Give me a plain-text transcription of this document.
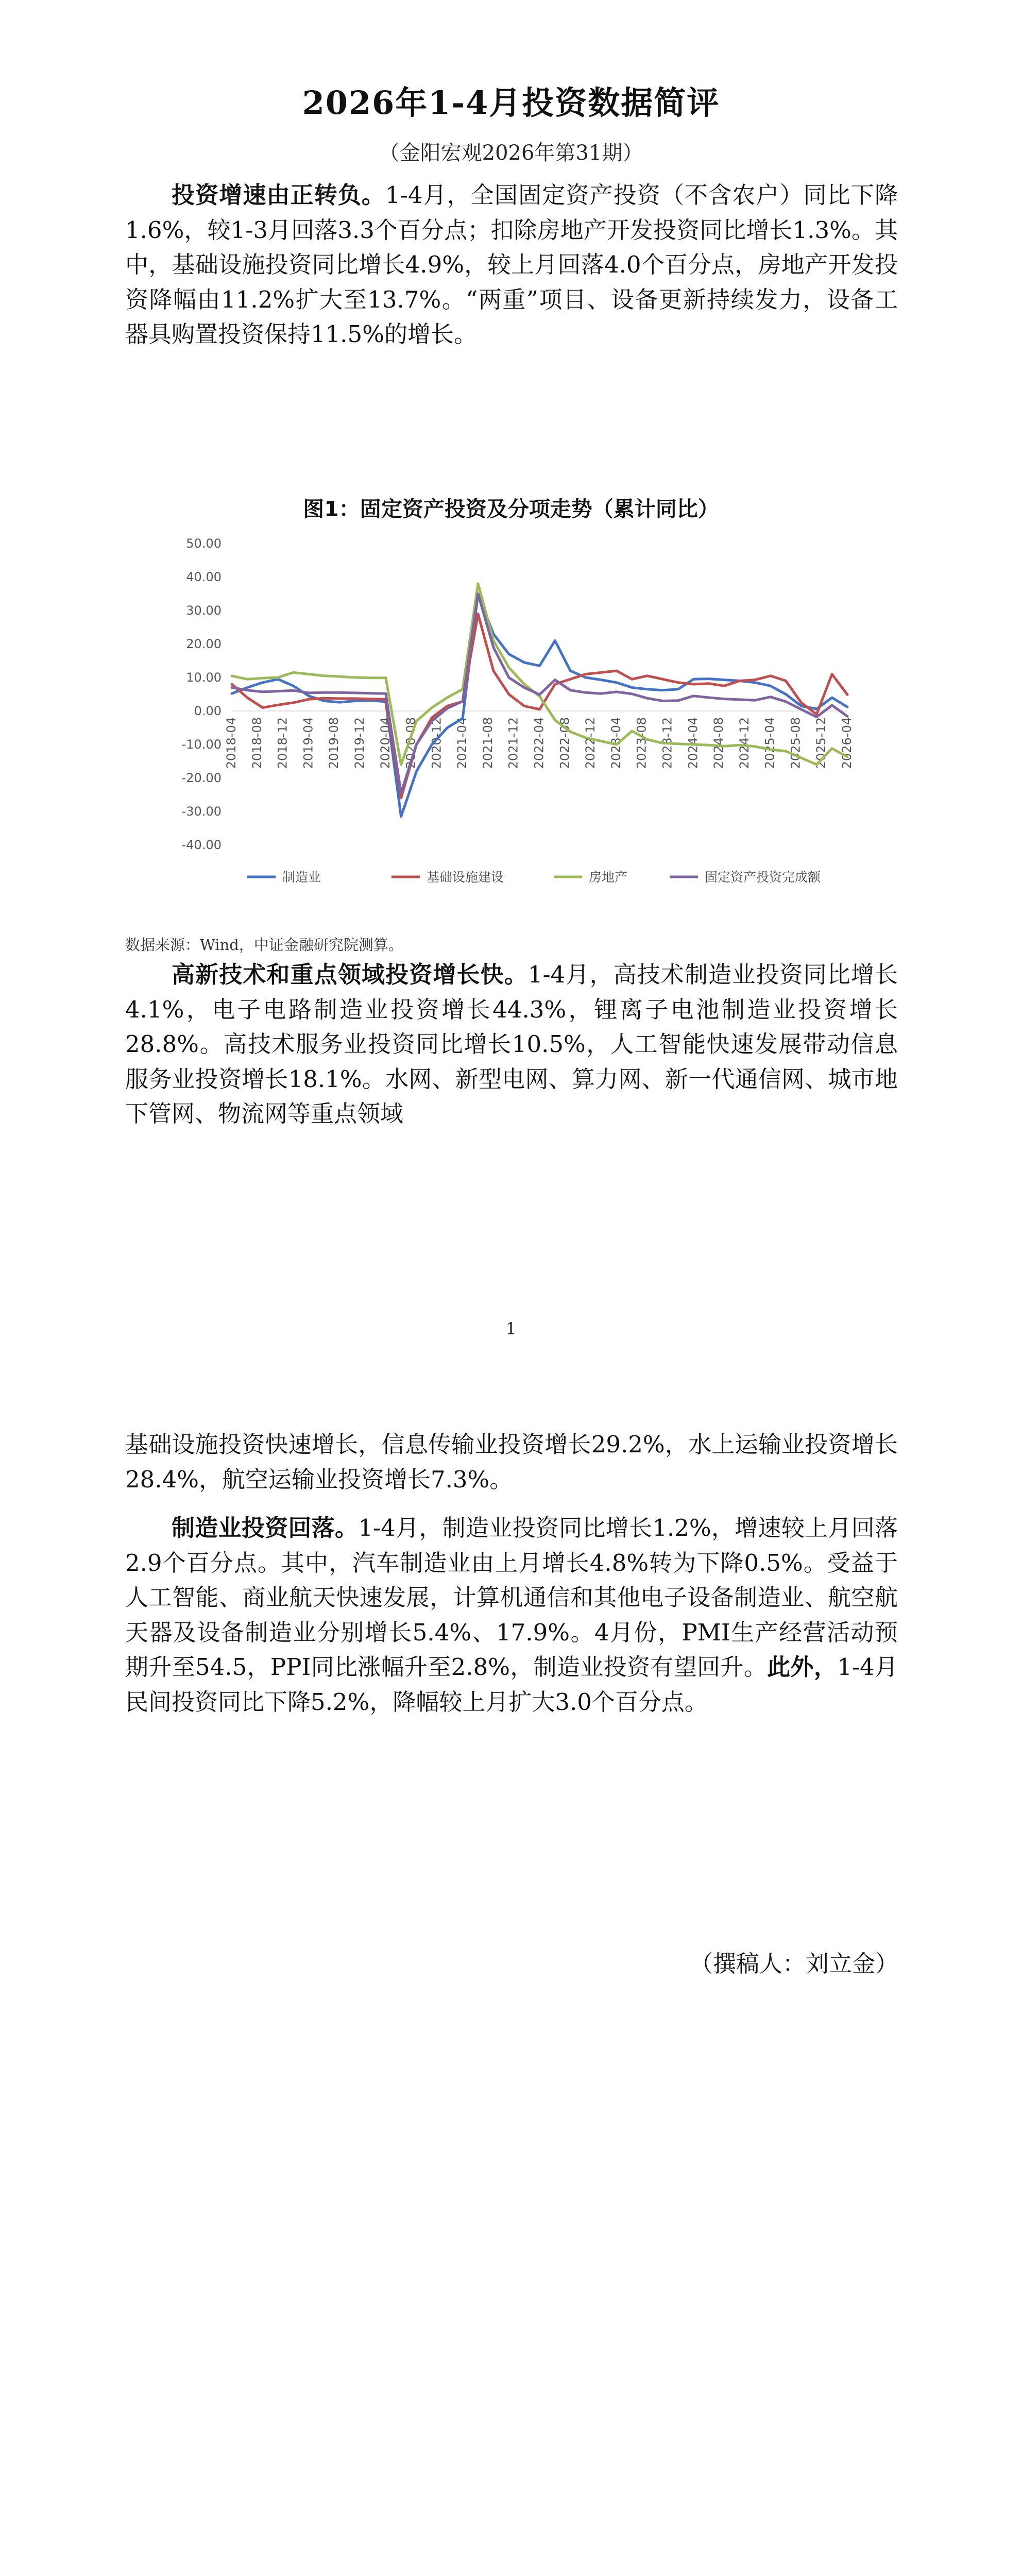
2026年1-4月投资数据简评
（金阳宏观2026年第31期）

投资增速由正转负。1-4月，全国固定资产投资（不含农户）同比下降1.6%，较1-3月回落3.3个百分点；扣除房地产开发投资同比增长1.3%。其中，基础设施投资同比增长4.9%，较上月回落4.0个百分点，房地产开发投资降幅由11.2%扩大至13.7%。“两重”项目、设备更新持续发力，设备工器具购置投资保持11.5%的增长。

图1：固定资产投资及分项走势（累计同比）
50.00
40.00
30.00
20.00
10.00
0.00
-10.00
-20.00
-30.00
-40.00
2018-04 2018-08 2018-12 2019-04 2019-08 2019-12 2020-04 2020-08 2020-12 2021-04 2021-08 2021-12 2022-04 2022-08 2022-12 2023-04 2023-08 2023-12 2024-04 2024-08 2024-12 2025-04 2025-08 2025-12 2026-04
制造业	基础设施建设	房地产	固定资产投资完成额
数据来源：Wind，中证金融研究院测算。

高新技术和重点领域投资增长快。1-4月，高技术制造业投资同比增长4.1%，电子电路制造业投资增长44.3%，锂离子电池制造业投资增长28.8%。高技术服务业投资同比增长10.5%，人工智能快速发展带动信息服务业投资增长18.1%。水网、新型电网、算力网、新一代通信网、城市地下管网、物流网等重点领域

1

基础设施投资快速增长，信息传输业投资增长29.2%，水上运输业投资增长28.4%，航空运输业投资增长7.3%。

制造业投资回落。1-4月，制造业投资同比增长1.2%，增速较上月回落2.9个百分点。其中，汽车制造业由上月增长4.8%转为下降0.5%。受益于人工智能、商业航天快速发展，计算机通信和其他电子设备制造业、航空航天器及设备制造业分别增长5.4%、17.9%。4月份，PMI生产经营活动预期升至54.5，PPI同比涨幅升至2.8%，制造业投资有望回升。此外，1-4月民间投资同比下降5.2%，降幅较上月扩大3.0个百分点。

（撰稿人：刘立金）
